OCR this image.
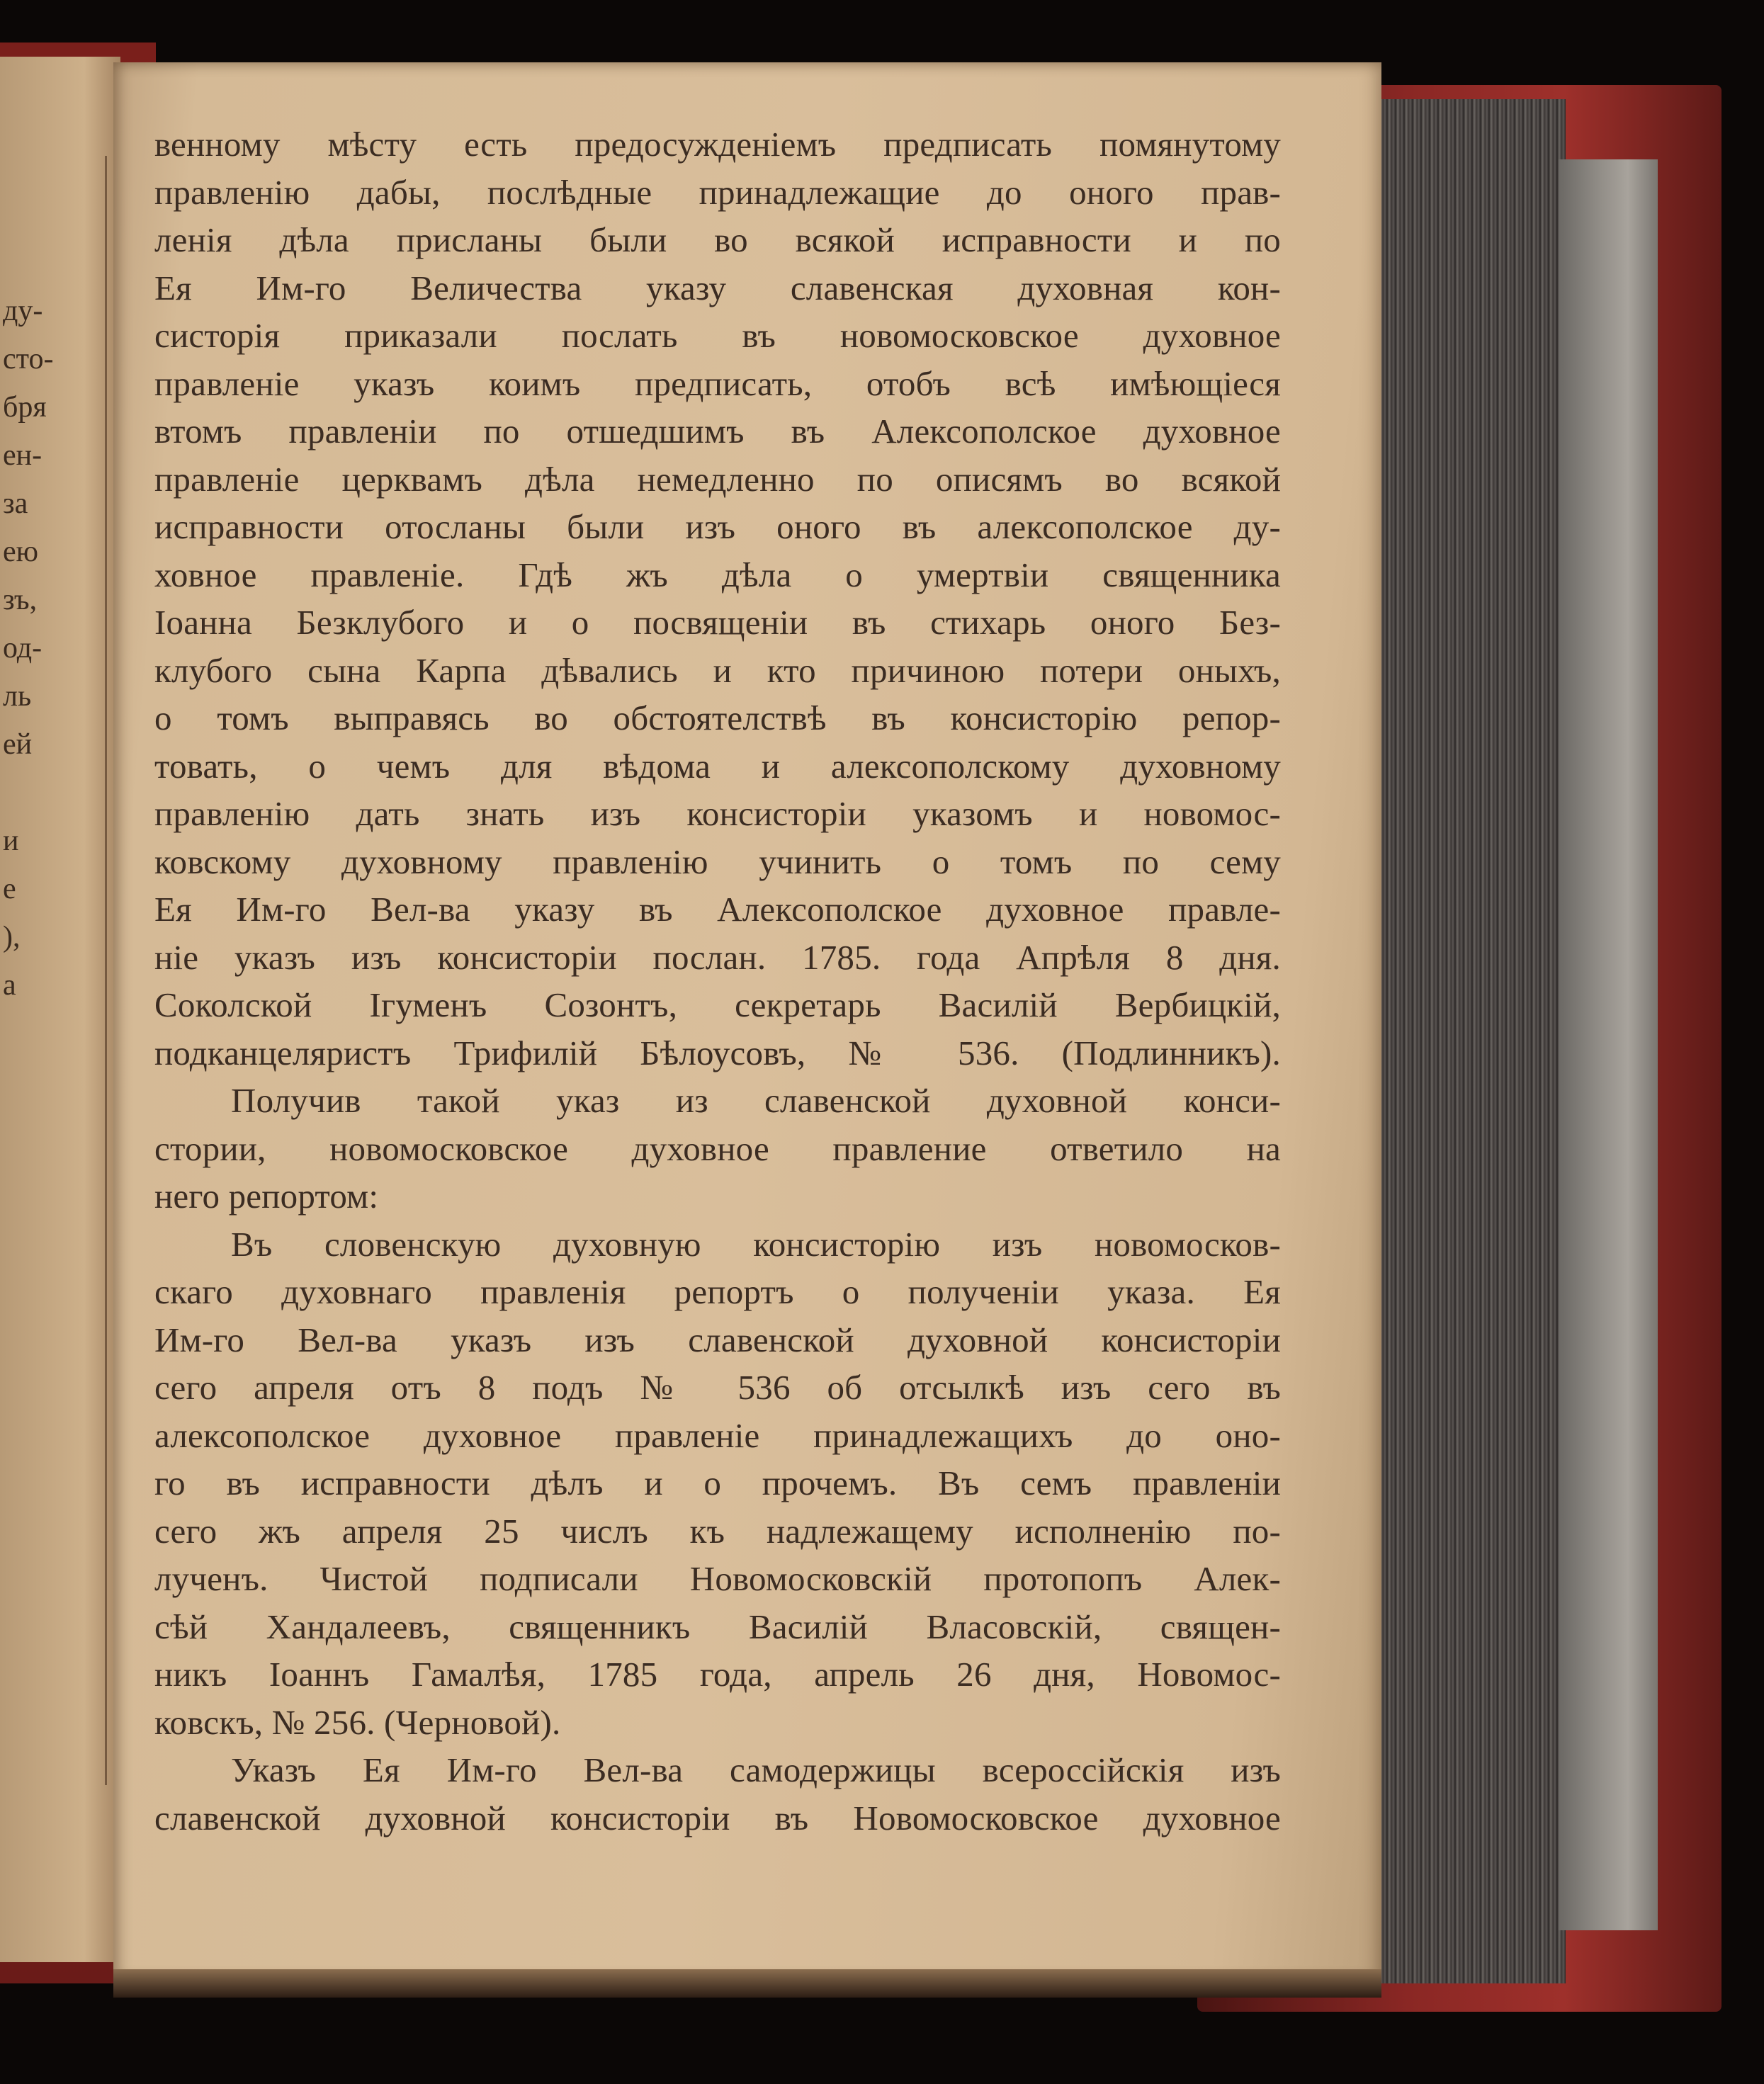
ду-
сто-
бря
ен-
за
ею
зъ,
од-
ль
ей
и
е
),
а
венному мѣсту есть предосужденіемъ предписать помянутому
правленію дабы, послѣдные принадлежащие до оного прав-
ленія дѣла присланы были во всякой исправности и по
Ея Им-го Величества указу славенская духовная кон-
систорія приказали послать въ новомосковское духовное
правленіе указъ коимъ предписать, отобъ всѣ имѣющіеся
втомъ правленіи по отшедшимъ въ Алексополское духовное
правленіе церквамъ дѣла немедленно по описямъ во всякой
исправности отосланы были изъ оного въ алексополское ду-
ховное правленіе. Гдѣ жъ дѣла о умертвіи священника
Іоанна Безклубого и о посвященіи въ стихарь оного Без-
клубого сына Карпа дѣвались и кто причиною потери оныхъ,
о томъ выправясь во обстоятелствѣ въ консисторію репор-
товать, о чемъ для вѣдома и алексополскому духовному
правленію дать знать изъ консисторіи указомъ и новомос-
ковскому духовному правленію учинить о томъ по сему
Ея Им-го Вел-ва указу въ Алексополское духовное правле-
ніе указъ изъ консисторіи послан. 1785. года Апрѣля 8 дня.
Соколской Ігуменъ Созонтъ, секретарь Василій Вербицкій,
подканцеляристъ Трифилій Бѣлоусовъ, № 536. (Подлинникъ).
Получив такой указ из славенской духовной конси-
стории, новомосковское духовное правление ответило на
него репортом:
Въ словенскую духовную консисторію изъ новомосков-
скаго духовнаго правленія репортъ о полученіи указа. Ея
Им-го Вел-ва указъ изъ славенской духовной консисторіи
сего апреля отъ 8 подъ № 536 об отсылкѣ изъ сего въ
алексополское духовное правленіе принадлежащихъ до оно-
го въ исправности дѣлъ и о прочемъ. Въ семъ правленіи
сего жъ апреля 25 числъ къ надлежащему исполненію по-
лученъ. Чистой подписали Новомосковскій протопопъ Алек-
сѣй Хандалеевъ, священникъ Василій Власовскій, священ-
никъ Іоаннъ Гамалѣя, 1785 года, апрель 26 дня, Новомос-
ковскъ, № 256. (Черновой).
Указъ Ея Им-го Вел-ва самодержицы всероссійскія изъ
славенской духовной консисторіи въ Новомосковское духовное
